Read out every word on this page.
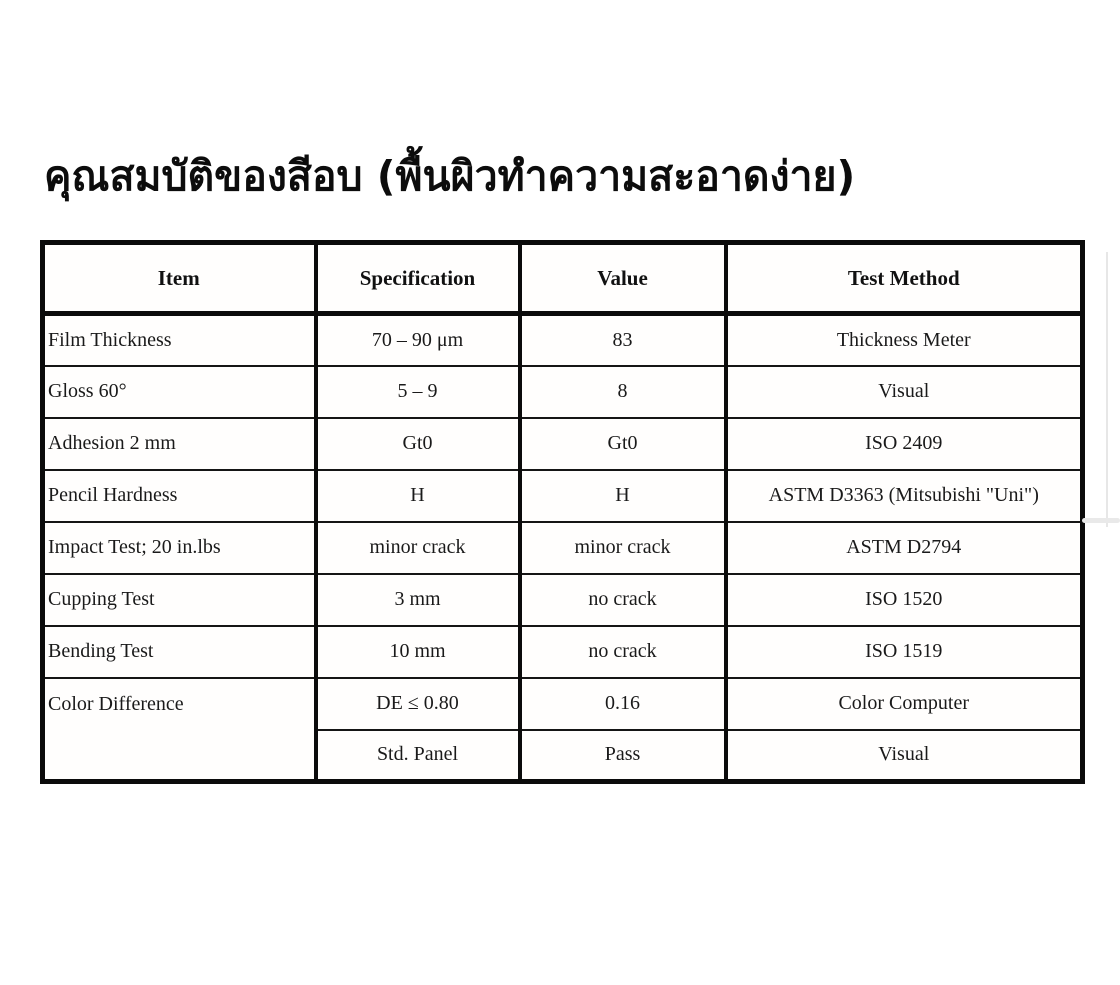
คุณสมบัติของสีอบ (พื้นผิวทำความสะอาดง่าย)
Item	Specification	Value	Test Method
Film Thickness	70 – 90 μm	83	Thickness Meter
Gloss 60°	5 – 9	8	Visual
Adhesion 2 mm	Gt0	Gt0	ISO 2409
Pencil Hardness	H	H	ASTM D3363 (Mitsubishi "Uni")
Impact Test; 20 in.lbs	minor crack	minor crack	ASTM D2794
Cupping Test	3 mm	no crack	ISO 1520
Bending Test	10 mm	no crack	ISO 1519
Color Difference	DE ≤ 0.80	0.16	Color Computer
	Std. Panel	Pass	Visual
